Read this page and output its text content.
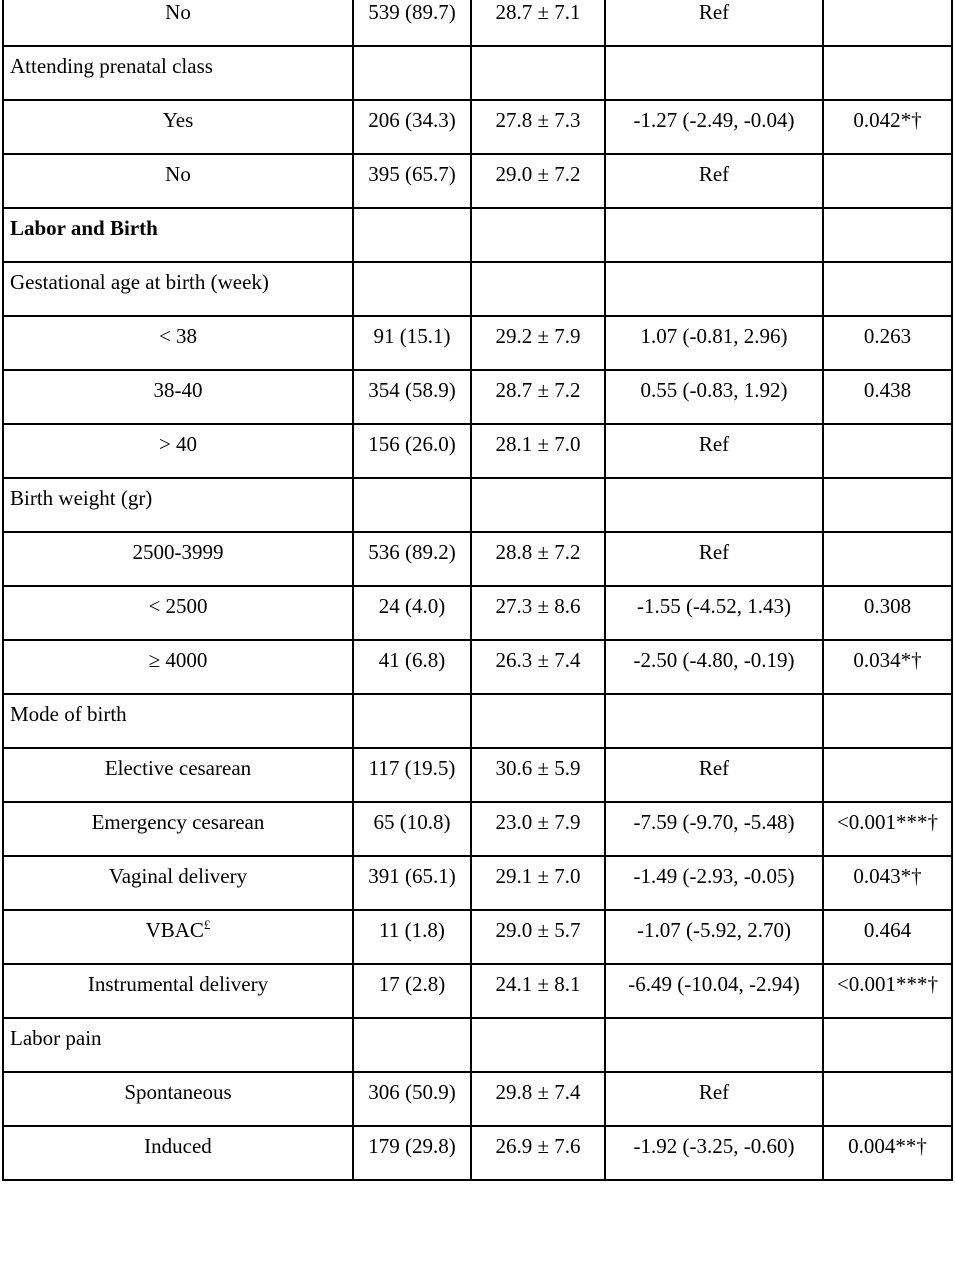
No	539 (89.7)	28.7 ± 7.1	Ref	
Attending prenatal class				
Yes	206 (34.3)	27.8 ± 7.3	-1.27 (-2.49, -0.04)	0.042*†
No	395 (65.7)	29.0 ± 7.2	Ref	
Labor and Birth				
Gestational age at birth (week)				
< 38	91 (15.1)	29.2 ± 7.9	1.07 (-0.81, 2.96)	0.263
38-40	354 (58.9)	28.7 ± 7.2	0.55 (-0.83, 1.92)	0.438
> 40	156 (26.0)	28.1 ± 7.0	Ref	
Birth weight (gr)				
2500-3999	536 (89.2)	28.8 ± 7.2	Ref	
< 2500	24 (4.0)	27.3 ± 8.6	-1.55 (-4.52, 1.43)	0.308
≥ 4000	41 (6.8)	26.3 ± 7.4	-2.50 (-4.80, -0.19)	0.034*†
Mode of birth				
Elective cesarean	117 (19.5)	30.6 ± 5.9	Ref	
Emergency cesarean	65 (10.8)	23.0 ± 7.9	-7.59 (-9.70, -5.48)	<0.001***†
Vaginal delivery	391 (65.1)	29.1 ± 7.0	-1.49 (-2.93, -0.05)	0.043*†
VBAC£	11 (1.8)	29.0 ± 5.7	-1.07 (-5.92, 2.70)	0.464
Instrumental delivery	17 (2.8)	24.1 ± 8.1	-6.49 (-10.04, -2.94)	<0.001***†
Labor pain				
Spontaneous	306 (50.9)	29.8 ± 7.4	Ref	
Induced	179 (29.8)	26.9 ± 7.6	-1.92 (-3.25, -0.60)	0.004**†
